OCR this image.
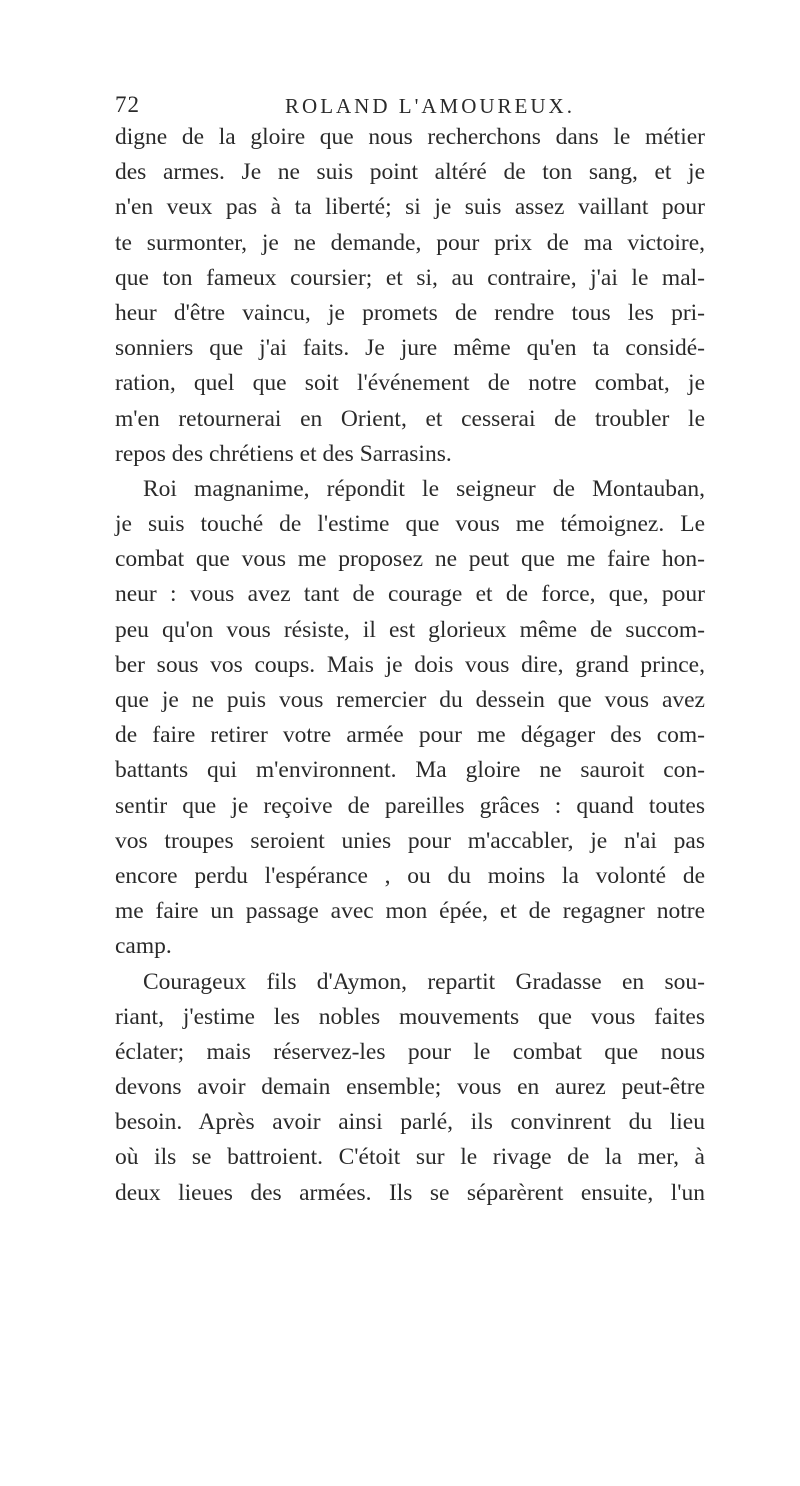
72	ROLAND L'AMOUREUX.
digne de la gloire que nous recherchons dans le métier
des armes. Je ne suis point altéré de ton sang, et je
n'en veux pas à ta liberté; si je suis assez vaillant pour
te surmonter, je ne demande, pour prix de ma victoire,
que ton fameux coursier; et si, au contraire, j'ai le mal-
heur d'être vaincu, je promets de rendre tous les pri-
sonniers que j'ai faits. Je jure même qu'en ta considé-
ration, quel que soit l'événement de notre combat, je
m'en retournerai en Orient, et cesserai de troubler le
repos des chrétiens et des Sarrasins.
Roi magnanime, répondit le seigneur de Montauban,
je suis touché de l'estime que vous me témoignez. Le
combat que vous me proposez ne peut que me faire hon-
neur : vous avez tant de courage et de force, que, pour
peu qu'on vous résiste, il est glorieux même de succom-
ber sous vos coups. Mais je dois vous dire, grand prince,
que je ne puis vous remercier du dessein que vous avez
de faire retirer votre armée pour me dégager des com-
battants qui m'environnent. Ma gloire ne sauroit con-
sentir que je reçoive de pareilles grâces : quand toutes
vos troupes seroient unies pour m'accabler, je n'ai pas
encore perdu l'espérance , ou du moins la volonté de
me faire un passage avec mon épée, et de regagner notre
camp.
Courageux fils d'Aymon, repartit Gradasse en sou-
riant, j'estime les nobles mouvements que vous faites
éclater; mais réservez-les pour le combat que nous
devons avoir demain ensemble; vous en aurez peut-être
besoin. Après avoir ainsi parlé, ils convinrent du lieu
où ils se battroient. C'étoit sur le rivage de la mer, à
deux lieues des armées. Ils se séparèrent ensuite, l'un
